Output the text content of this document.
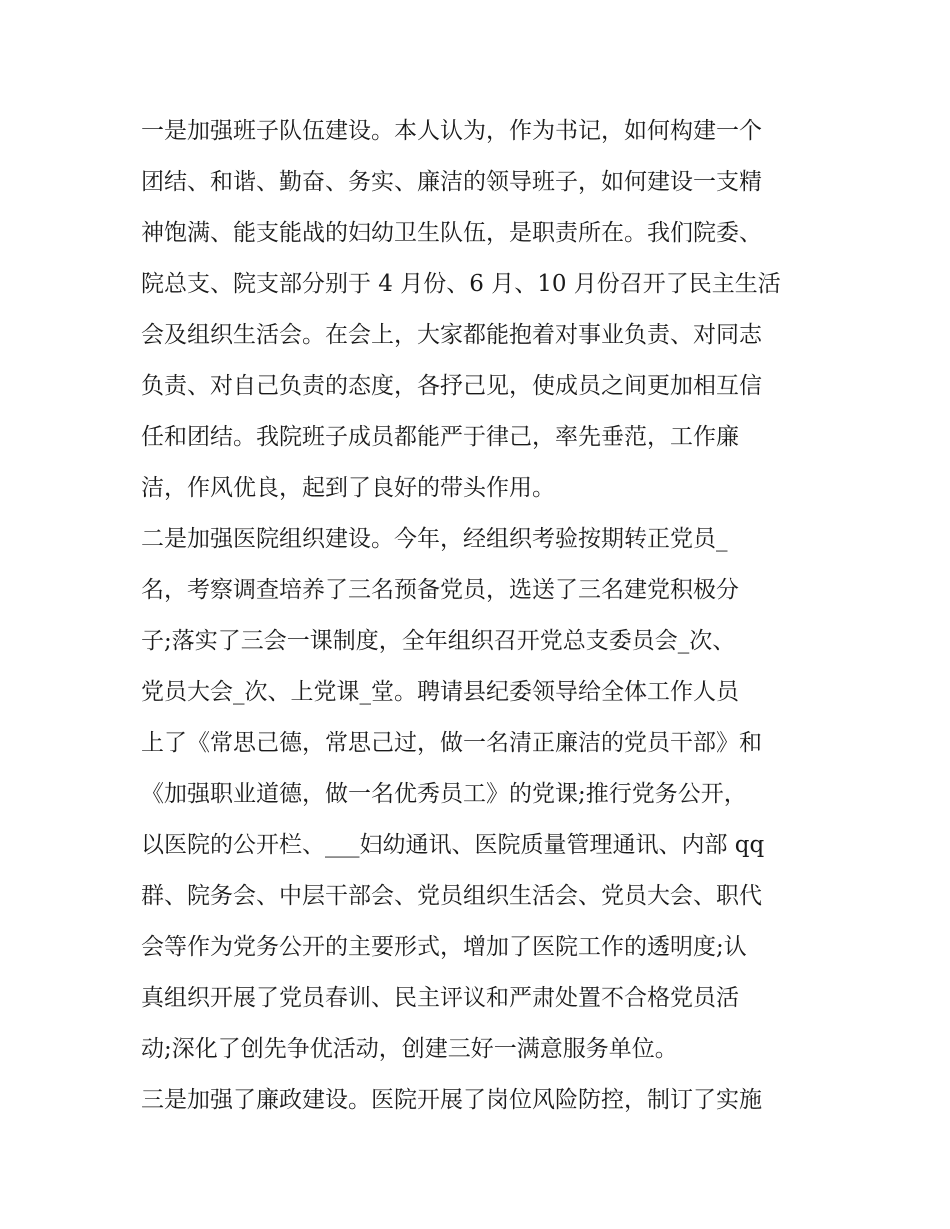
一是加强班子队伍建设。本人认为，作为书记，如何构建一个
团结、和谐、勤奋、务实、廉洁的领导班子，如何建设一支精
神饱满、能支能战的妇幼卫生队伍，是职责所在。我们院委、
院总支、院支部分别于 4 月份、6 月、10 月份召开了民主生活
会及组织生活会。在会上，大家都能抱着对事业负责、对同志
负责、对自己负责的态度，各抒己见，使成员之间更加相互信
任和团结。我院班子成员都能严于律己，率先垂范，工作廉
洁，作风优良，起到了良好的带头作用。
二是加强医院组织建设。今年，经组织考验按期转正党员_
名，考察调查培养了三名预备党员，选送了三名建党积极分
子;落实了三会一课制度，全年组织召开党总支委员会_次、
党员大会_次、上党课_堂。聘请县纪委领导给全体工作人员
上了《常思己德，常思己过，做一名清正廉洁的党员干部》和
《加强职业道德，做一名优秀员工》的党课;推行党务公开，
以医院的公开栏、___妇幼通讯、医院质量管理通讯、内部 qq
群、院务会、中层干部会、党员组织生活会、党员大会、职代
会等作为党务公开的主要形式，增加了医院工作的透明度;认
真组织开展了党员春训、民主评议和严肃处置不合格党员活
动;深化了创先争优活动，创建三好一满意服务单位。
三是加强了廉政建设。医院开展了岗位风险防控，制订了实施
